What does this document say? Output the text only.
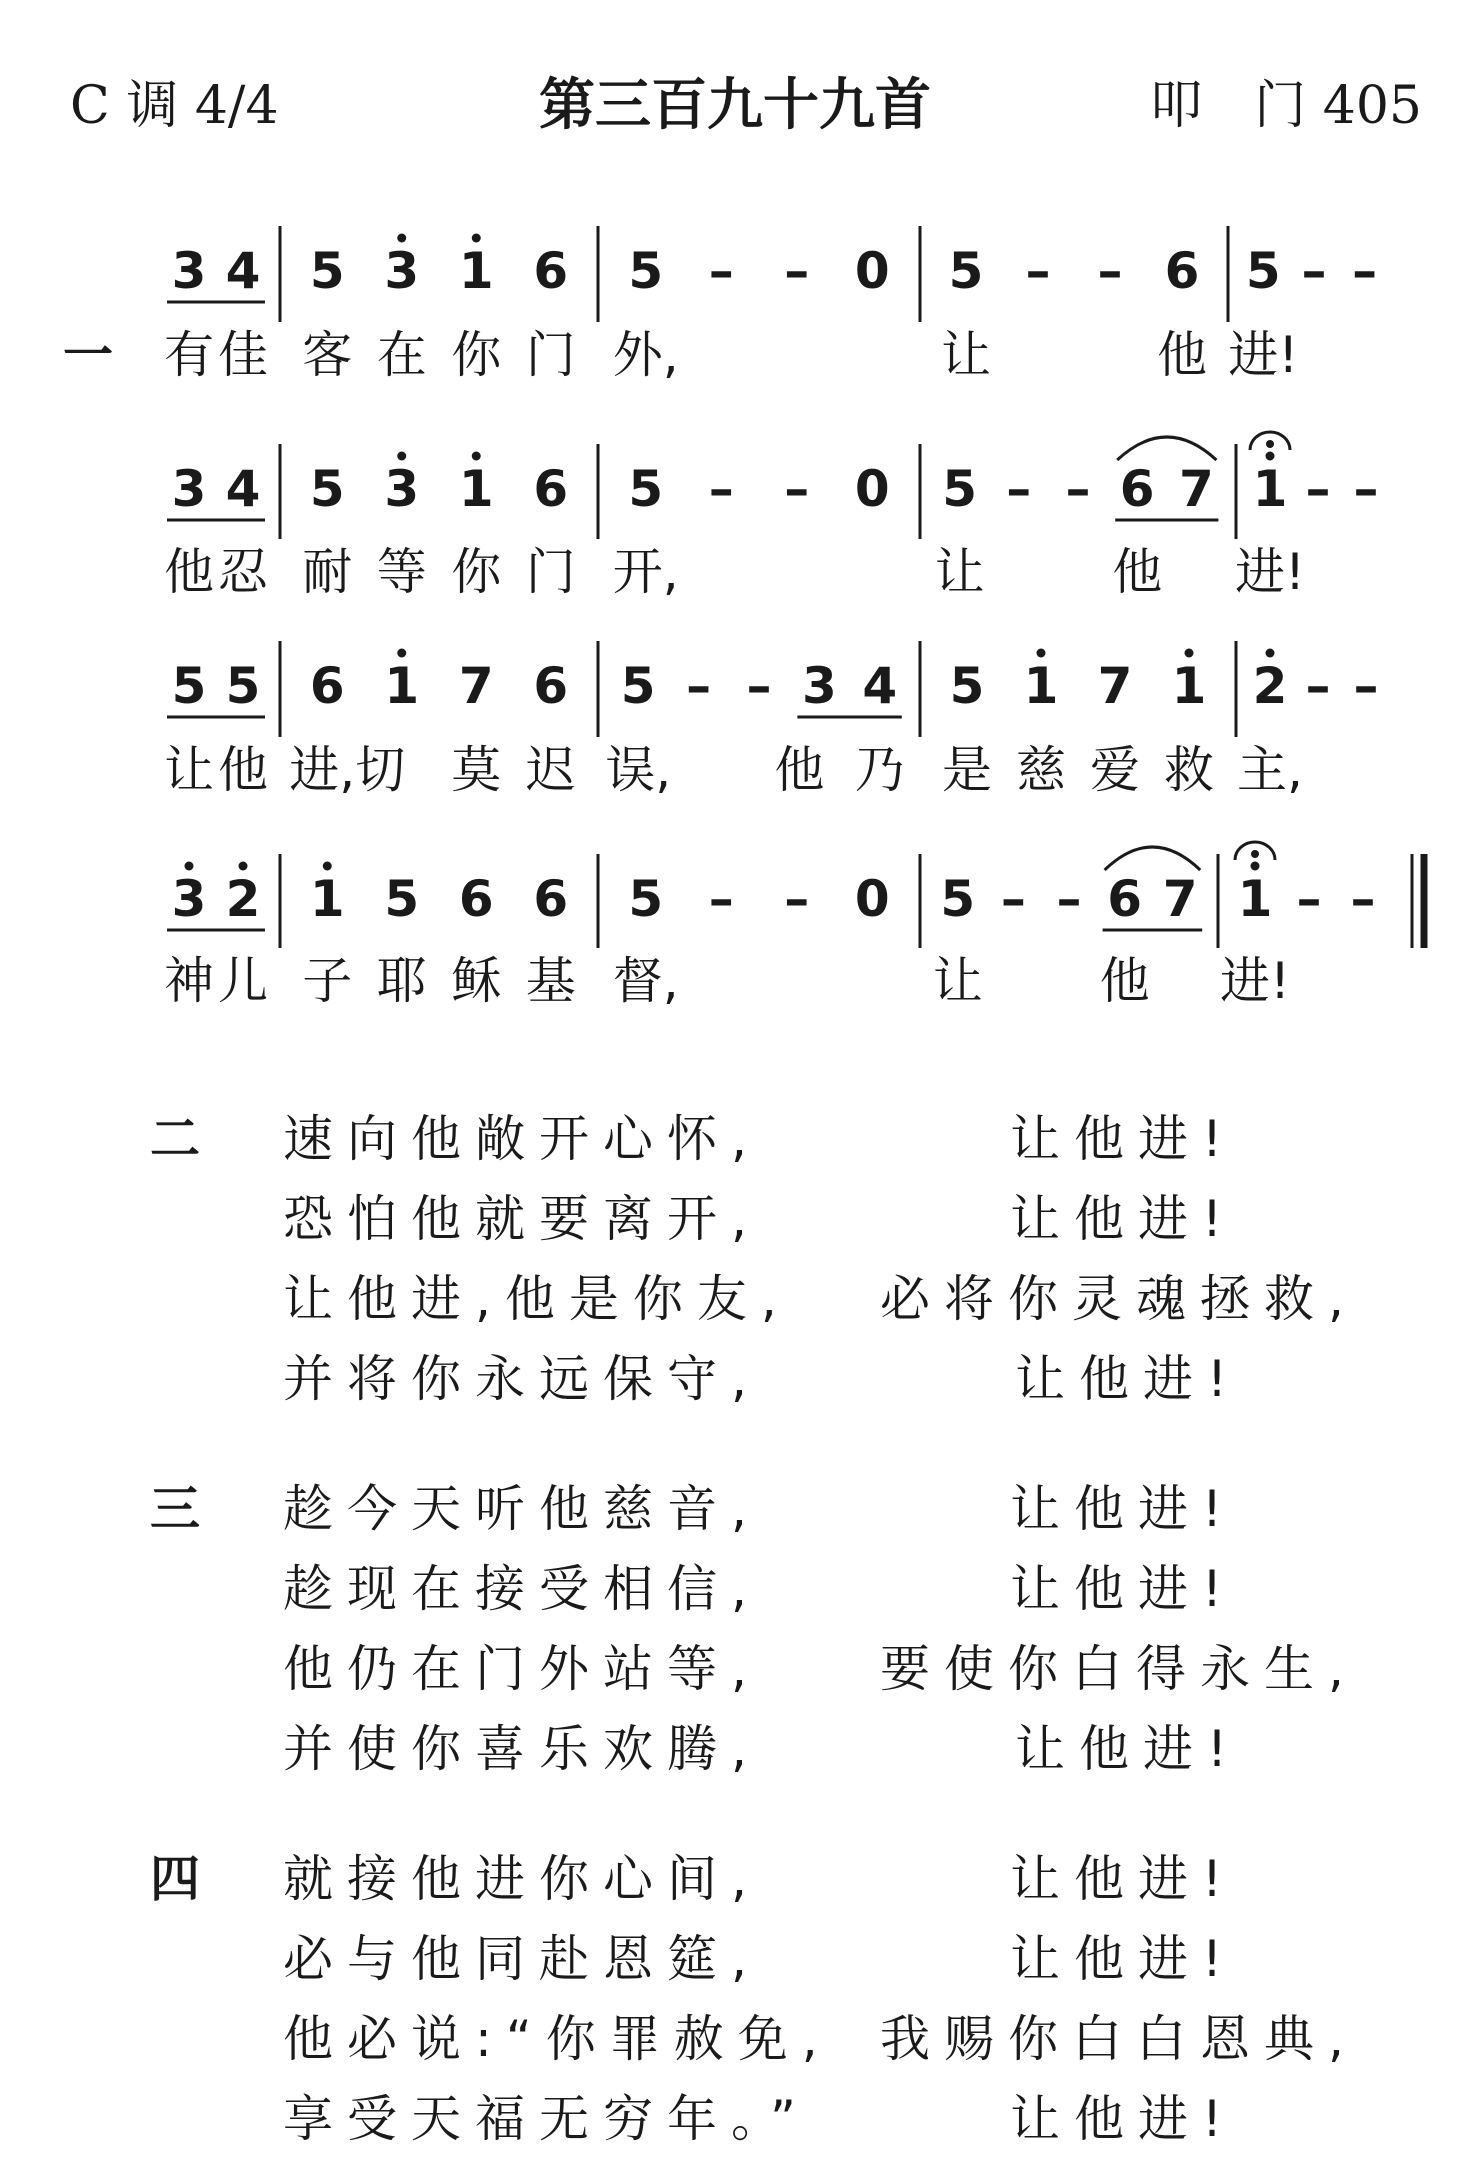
C 调 4/4	第三百九十九首	叩　门 405
一
3 4
有 佳
5 3 1 6
客 在 你 门
5 – – 0
外,
5 – – 6
让	他
5 – –
进!
3 4
他 忍
5 3 1 6
耐 等 你 门
5 – – 0
开,
5 – – 6 7
让	他
1 – –
进!
5 5
让 他
6 1 7 6
进,切 莫 迟
5 – – 3 4
误, 他 乃
5 1 7 1
是 慈 爱 救
2 – –
主,
3 2
神 儿
1 5 6 6
子 耶 稣 基
5 – – 0
督,
5 – – 6 7
让 他
1 – –
进!
二 速向他敞开心怀,	让他进!
恐怕他就要离开,	让他进!
让他进,他是你友, 必将你灵魂拯救,
并将你永远保守,	让他进!
三 趁今天听他慈音,	让他进!
趁现在接受相信,	让他进!
他仍在门外站等, 要使你白得永生,
并使你喜乐欢腾,	让他进!
四 就接他进你心间,	让他进!
必与他同赴恩筵,	让他进!
他必说:“你罪赦免, 我赐你白白恩典,
享受天福无穷年。”	让他进!
